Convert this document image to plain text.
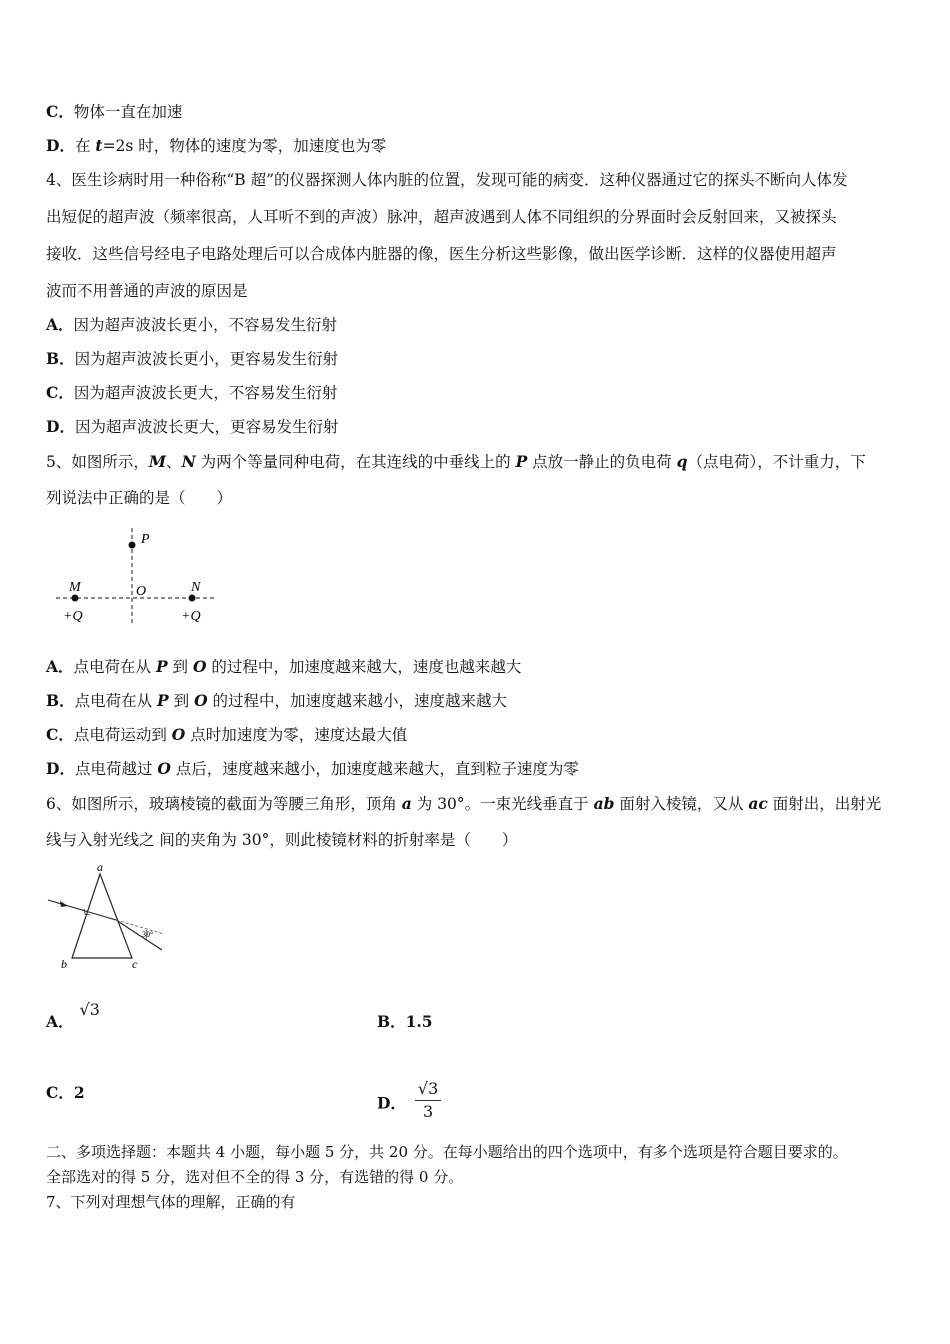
C．物体一直在加速
D．在 t=2s 时，物体的速度为零，加速度也为零
4、医生诊病时用一种俗称“B 超”的仪器探测人体内脏的位置，发现可能的病变．这种仪器通过它的探头不断向人体发
出短促的超声波（频率很高，人耳听不到的声波）脉冲，超声波遇到人体不同组织的分界面时会反射回来，又被探头
接收．这些信号经电子电路处理后可以合成体内脏器的像，医生分析这些影像，做出医学诊断．这样的仪器使用超声
波而不用普通的声波的原因是
A．因为超声波波长更小，不容易发生衍射
B．因为超声波波长更小，更容易发生衍射
C．因为超声波波长更大，不容易发生衍射
D．因为超声波波长更大，更容易发生衍射
5、如图所示，M、N 为两个等量同种电荷，在其连线的中垂线上的 P 点放一静止的负电荷 q（点电荷），不计重力，下
列说法中正确的是（　　）
P
O
M	N
+Q	+Q
A．点电荷在从 P 到 O 的过程中，加速度越来越大，速度也越来越大
B．点电荷在从 P 到 O 的过程中，加速度越来越小，速度越来越大
C．点电荷运动到 O 点时加速度为零，速度达最大值
D．点电荷越过 O 点后，速度越来越小，加速度越来越大，直到粒子速度为零
6、如图所示，玻璃棱镜的截面为等腰三角形，顶角 a 为 30°。一束光线垂直于 ab 面射入棱镜，又从 ac 面射出，出射光
线与入射光线之 间的夹角为 30°，则此棱镜材料的折射率是（　　）
a
b	c
30°
A．√3
B．1.5
C．2
D． $\frac{√3}{3}$
二、多项选择题：本题共 4 小题，每小题 5 分，共 20 分。在每小题给出的四个选项中，有多个选项是符合题目要求的。
全部选对的得 5 分，选对但不全的得 3 分，有选错的得 0 分。
7、下列对理想气体的理解，正确的有
